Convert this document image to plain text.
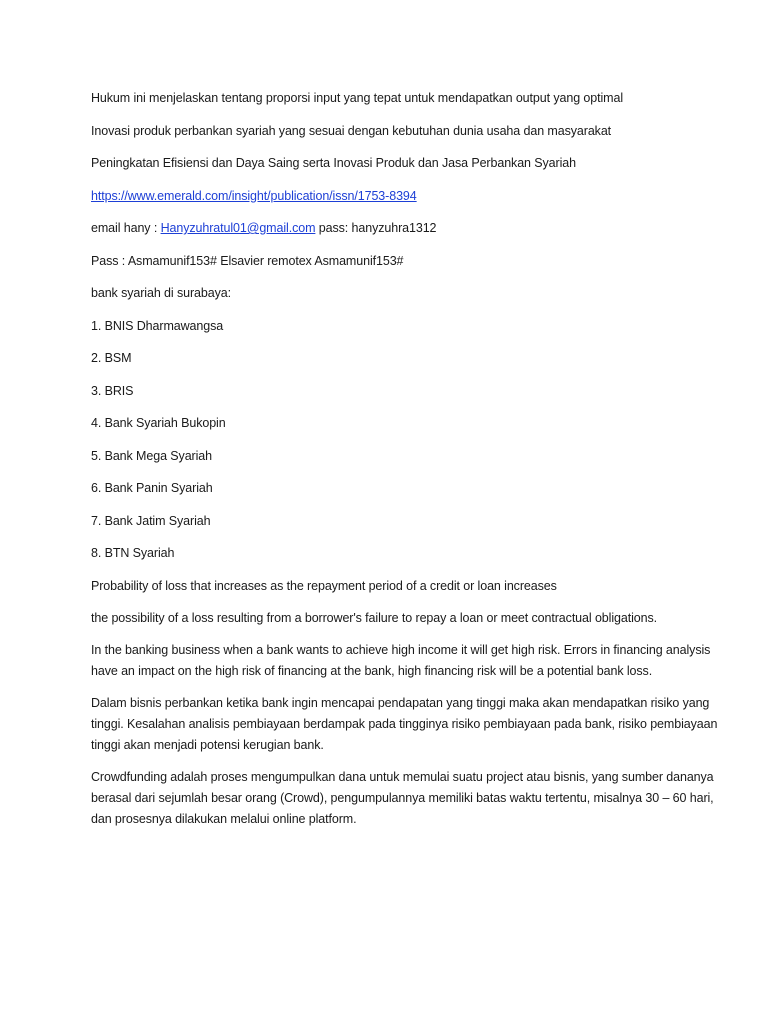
Hukum ini menjelaskan tentang proporsi input yang tepat untuk mendapatkan output yang optimal

Inovasi produk perbankan syariah yang sesuai dengan kebutuhan dunia usaha dan masyarakat

Peningkatan Efisiensi dan Daya Saing serta Inovasi Produk dan Jasa Perbankan Syariah

https://www.emerald.com/insight/publication/issn/1753-8394

email hany : Hanyzuhratul01@gmail.com pass: hanyzuhra1312

Pass : Asmamunif153# Elsavier remotex Asmamunif153#

bank syariah di surabaya:

1. BNIS Dharmawangsa

2. BSM

3. BRIS

4. Bank Syariah Bukopin

5. Bank Mega Syariah

6. Bank Panin Syariah

7. Bank Jatim Syariah

8. BTN Syariah

Probability of loss that increases as the repayment period of a credit or loan increases

the possibility of a loss resulting from a borrower's failure to repay a loan or meet contractual obligations.

In the banking business when a bank wants to achieve high income it will get high risk. Errors in financing analysis have an impact on the high risk of financing at the bank, high financing risk will be a potential bank loss.

Dalam bisnis perbankan ketika bank ingin mencapai pendapatan yang tinggi maka akan mendapatkan risiko yang tinggi. Kesalahan analisis pembiayaan berdampak pada tingginya risiko pembiayaan pada bank, risiko pembiayaan tinggi akan menjadi potensi kerugian bank.

Crowdfunding adalah proses mengumpulkan dana untuk memulai suatu project atau bisnis, yang sumber dananya berasal dari sejumlah besar orang (Crowd), pengumpulannya memiliki batas waktu tertentu, misalnya 30 – 60 hari, dan prosesnya dilakukan melalui online platform.
